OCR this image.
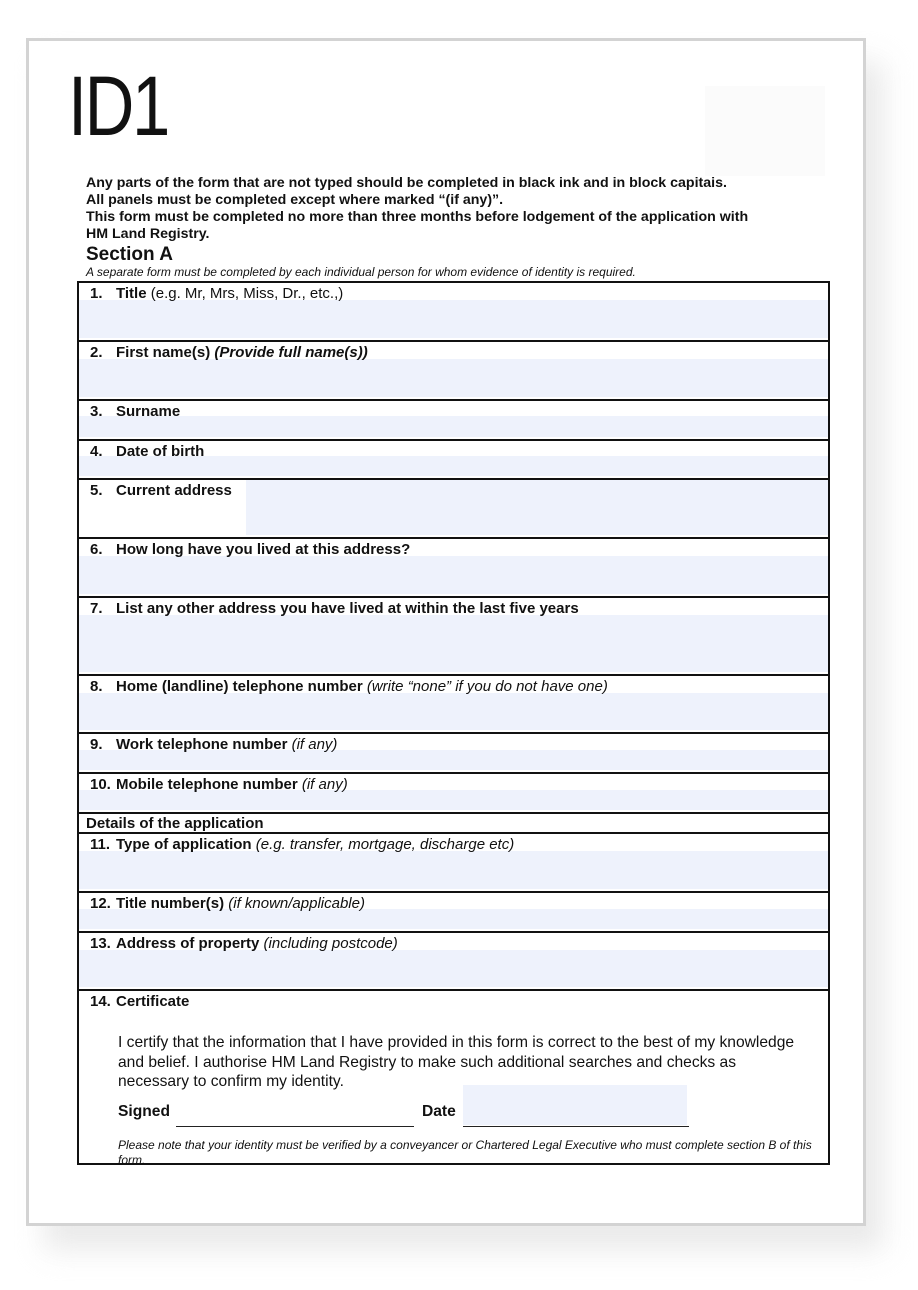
ID1
Any parts of the form that are not typed should be completed in black ink and in block capitais.
All panels must be completed except where marked “(if any)”.
This form must be completed no more than three months before lodgement of the application with
HM Land Registry.
Section A
A separate form must be completed by each individual person for whom evidence of identity is required.
1. Title (e.g. Mr, Mrs, Miss, Dr., etc.,)
2. First name(s) (Provide full name(s))
3. Surname
4. Date of birth
5. Current address
6. How long have you lived at this address?
7. List any other address you have lived at within the last five years
8. Home (landline) telephone number (write “none” if you do not have one)
9. Work telephone number (if any)
10. Mobile telephone number (if any)
Details of the application
11. Type of application (e.g. transfer, mortgage, discharge etc)
12. Title number(s) (if known/applicable)
13. Address of property (including postcode)
14. Certificate
I certify that the information that I have provided in this form is correct to the best of my knowledge and belief. I authorise HM Land Registry to make such additional searches and checks as necessary to confirm my identity.
Signed	Date
Please note that your identity must be verified by a conveyancer or Chartered Legal Executive who must complete section B of this form.
